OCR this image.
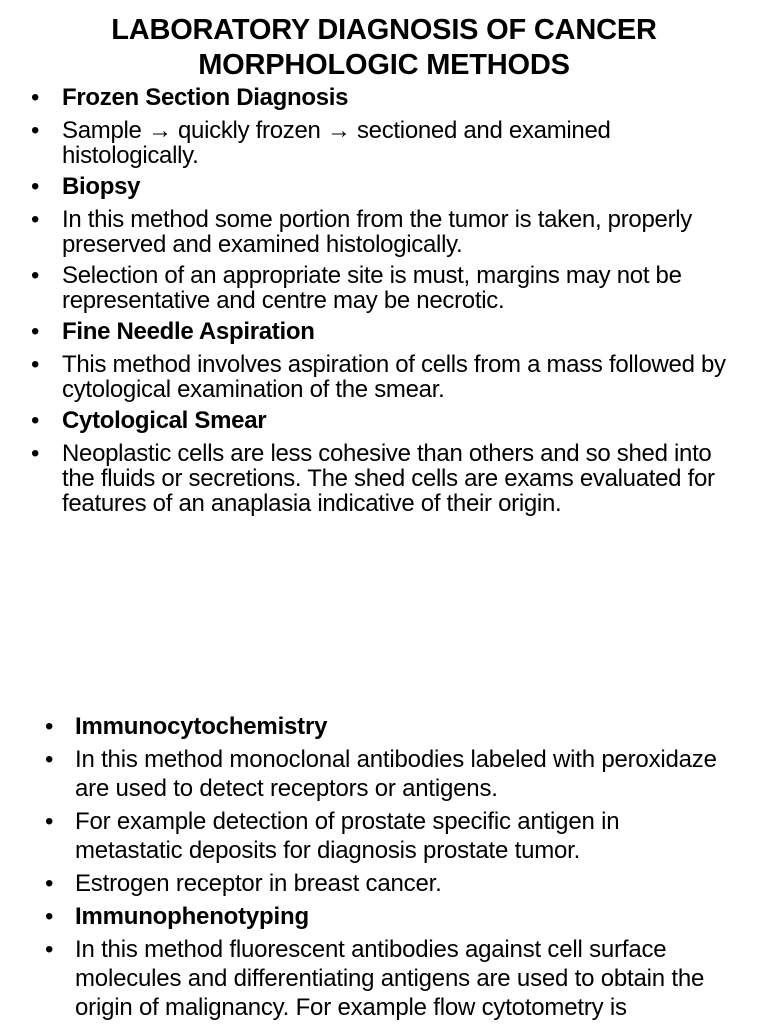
LABORATORY DIAGNOSIS OF CANCER
MORPHOLOGIC METHODS
• Frozen Section Diagnosis
• Sample → quickly frozen → sectioned and examined histologically.
• Biopsy
• In this method some portion from the tumor is taken, properly preserved and examined histologically.
• Selection of an appropriate site is must, margins may not be representative and centre may be necrotic.
• Fine Needle Aspiration
• This method involves aspiration of cells from a mass followed by cytological examination of the smear.
• Cytological Smear
• Neoplastic cells are less cohesive than others and so shed into the fluids or secretions. The shed cells are exams evaluated for features of an anaplasia indicative of their origin.
• Immunocytochemistry
• In this method monoclonal antibodies labeled with peroxidaze are used to detect receptors or antigens.
• For example detection of prostate specific antigen in metastatic deposits for diagnosis prostate tumor.
• Estrogen receptor in breast cancer.
• Immunophenotyping
• In this method fluorescent antibodies against cell surface molecules and differentiating antigens are used to obtain the origin of malignancy. For example flow cytotometry is
